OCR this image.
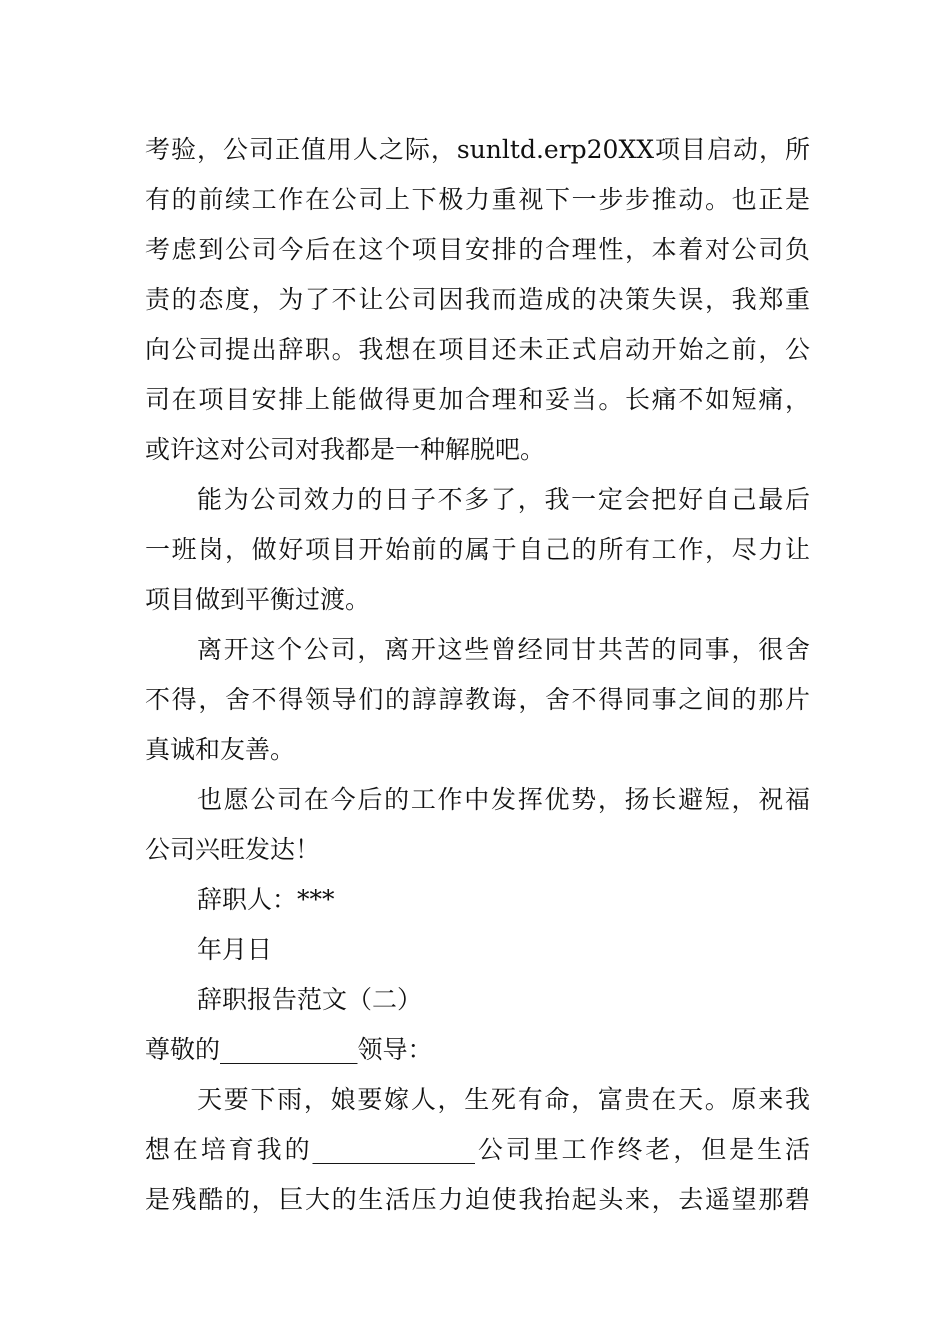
考验，公司正值用人之际，sunltd.erp20XX项目启动，所
有的前续工作在公司上下极力重视下一步步推动。也正是
考虑到公司今后在这个项目安排的合理性，本着对公司负
责的态度，为了不让公司因我而造成的决策失误，我郑重
向公司提出辞职。我想在项目还未正式启动开始之前，公
司在项目安排上能做得更加合理和妥当。长痛不如短痛，
或许这对公司对我都是一种解脱吧。
能为公司效力的日子不多了，我一定会把好自己最后
一班岗，做好项目开始前的属于自己的所有工作，尽力让
项目做到平衡过渡。
离开这个公司，离开这些曾经同甘共苦的同事，很舍
不得，舍不得领导们的諄諄教诲，舍不得同事之间的那片
真诚和友善。
也愿公司在今后的工作中发挥优势，扬长避短，祝福
公司兴旺发达！
辞职人：***
年月日
辞职报告范文（二）
尊敬的___________领导：
天要下雨，娘要嫁人，生死有命，富贵在天。原来我
想在培育我的_____________公司里工作终老，但是生活
是残酷的，巨大的生活压力迫使我抬起头来，去遥望那碧
